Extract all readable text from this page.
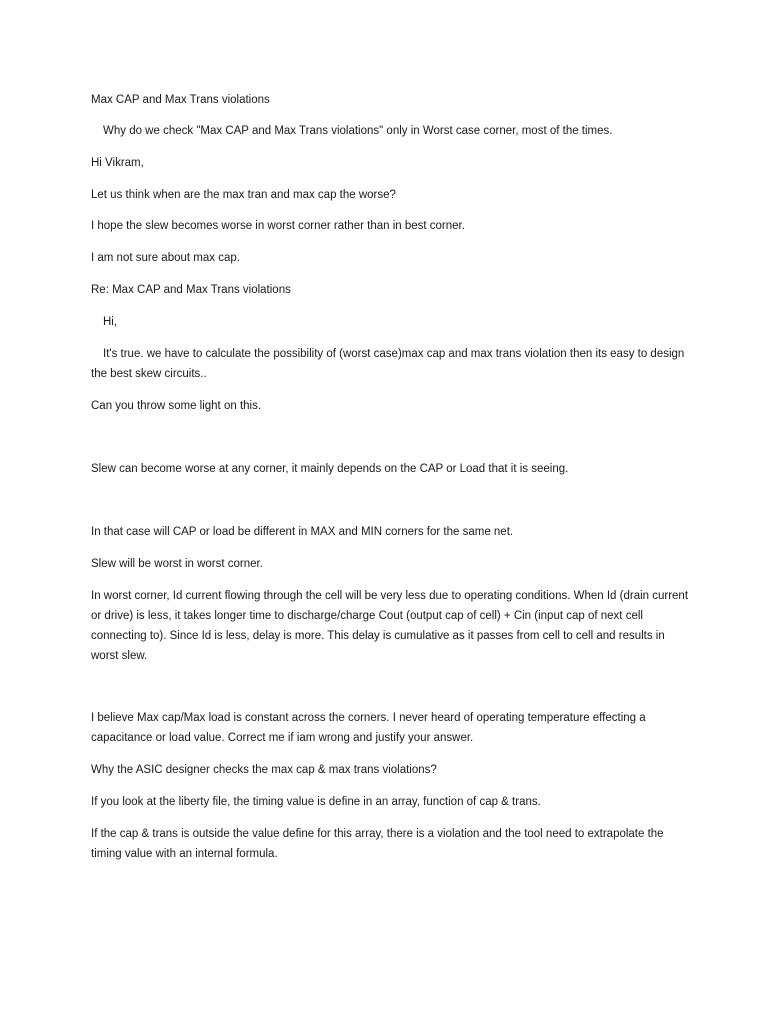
Max CAP and Max Trans violations

Why do we check "Max CAP and Max Trans violations" only in Worst case corner, most of the times.

Hi Vikram,

Let us think when are the max tran and max cap the worse?

I hope the slew becomes worse in worst corner rather than in best corner.

I am not sure about max cap.

Re: Max CAP and Max Trans violations

Hi,

It's true. we have to calculate the possibility of (worst case)max cap and max trans violation then its easy to design the best skew circuits..

Can you throw some light on this.

Slew can become worse at any corner, it mainly depends on the CAP or Load that it is seeing.

In that case will CAP or load be different in MAX and MIN corners for the same net.

Slew will be worst in worst corner.

In worst corner, Id current flowing through the cell will be very less due to operating conditions. When Id (drain current or drive) is less, it takes longer time to discharge/charge Cout (output cap of cell) + Cin (input cap of next cell connecting to). Since Id is less, delay is more. This delay is cumulative as it passes from cell to cell and results in worst slew.

I believe Max cap/Max load is constant across the corners. I never heard of operating temperature effecting a capacitance or load value. Correct me if iam wrong and justify your answer.

Why the ASIC designer checks the max cap & max trans violations?

If you look at the liberty file, the timing value is define in an array, function of cap & trans.

If the cap & trans is outside the value define for this array, there is a violation and the tool need to extrapolate the timing value with an internal formula.
